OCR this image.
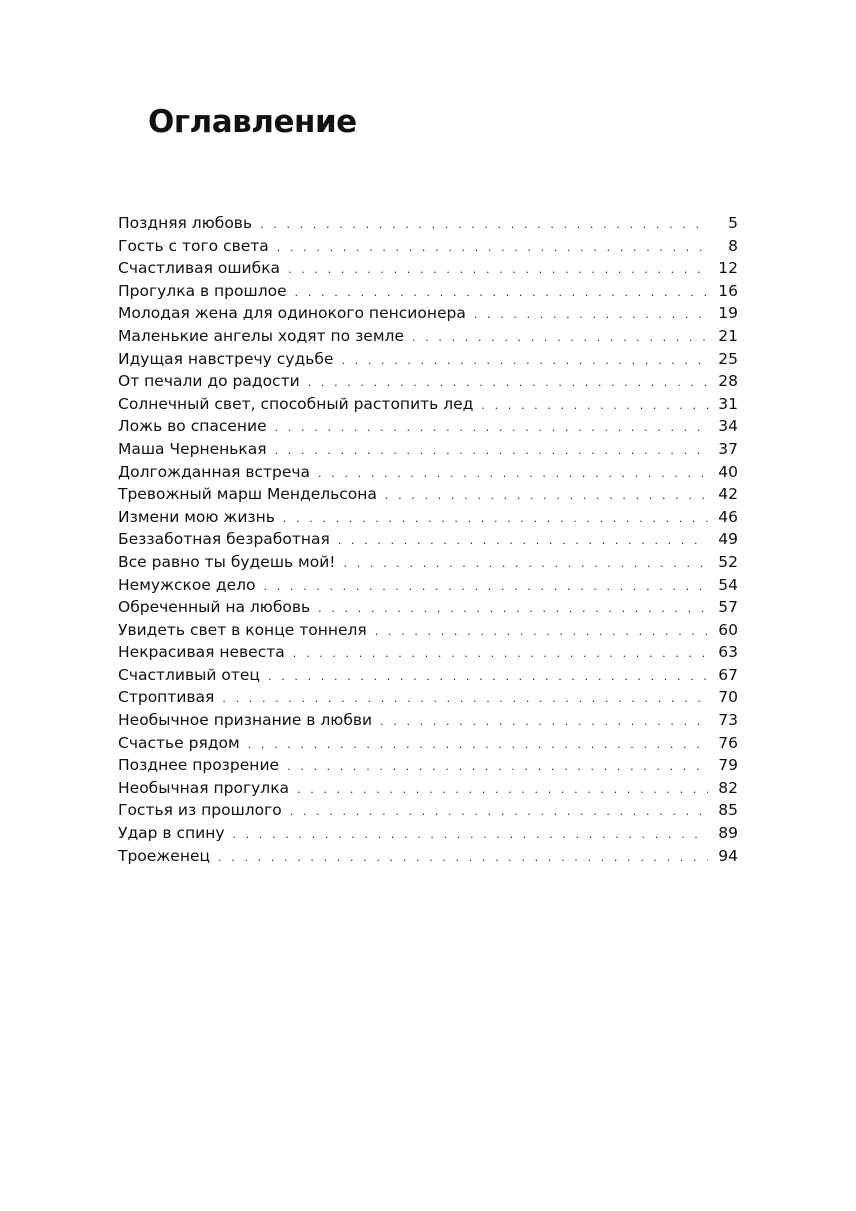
Оглавление
Поздняя любовь . . .	5
Гость с того света . . .	8
Счастливая ошибка . . .	12
Прогулка в прошлое . . .	16
Молодая жена для одинокого пенсионера . . .	19
Маленькие ангелы ходят по земле . . .	21
Идущая навстречу судьбе . . .	25
От печали до радости . . .	28
Солнечный свет, способный растопить лед . . .	31
Ложь во спасение . . .	34
Маша Черненькая . . .	37
Долгожданная встреча . . .	40
Тревожный марш Мендельсона . . .	42
Измени мою жизнь . . .	46
Беззаботная безработная . . .	49
Все равно ты будешь мой! . . .	52
Немужское дело . . .	54
Обреченный на любовь . . .	57
Увидеть свет в конце тоннеля . . .	60
Некрасивая невеста . . .	63
Счастливый отец . . .	67
Строптивая . . .	70
Необычное признание в любви . . .	73
Счастье рядом . . .	76
Позднее прозрение . . .	79
Необычная прогулка . . .	82
Гостья из прошлого . . .	85
Удар в спину . . .	89
Троеженец . . .	94
